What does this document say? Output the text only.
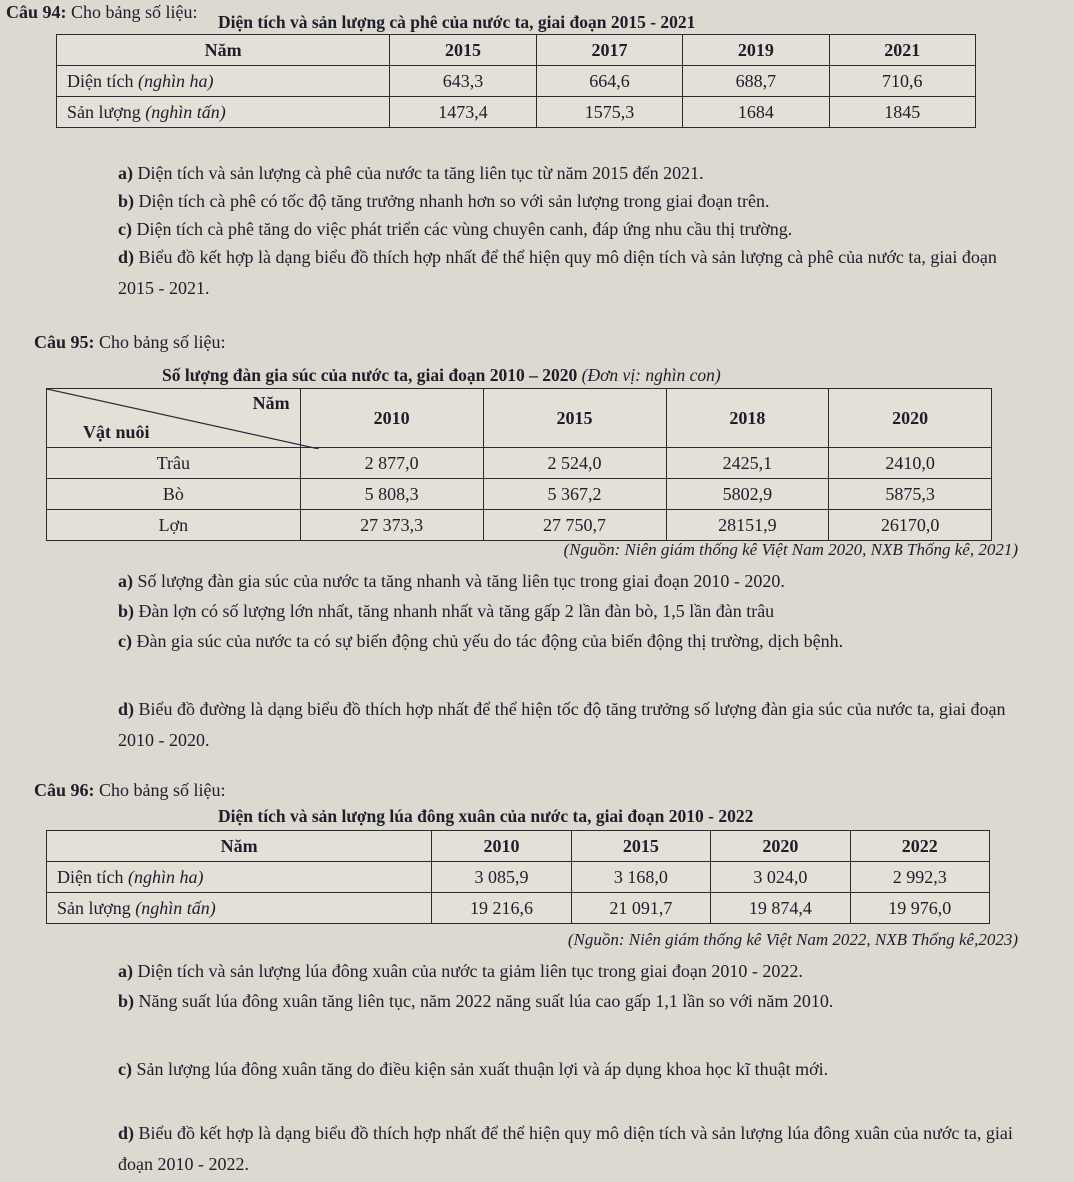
Câu 94: Cho bảng số liệu: Diện tích và sản lượng cà phê của nước ta, giai đoạn 2015 - 2021
Năm	2015	2017	2019	2021
Diện tích (nghìn ha)	643,3	664,6	688,7	710,6
Sản lượng (nghìn tấn)	1473,4	1575,3	1684	1845
a) Diện tích và sản lượng cà phê của nước ta tăng liên tục từ năm 2015 đến 2021.
b) Diện tích cà phê có tốc độ tăng trưởng nhanh hơn so với sản lượng trong giai đoạn trên.
c) Diện tích cà phê tăng do việc phát triển các vùng chuyên canh, đáp ứng nhu cầu thị trường.
d) Biểu đồ kết hợp là dạng biểu đồ thích hợp nhất để thể hiện quy mô diện tích và sản lượng cà phê của nước ta, giai đoạn 2015 - 2021.
Câu 95: Cho bảng số liệu:
Số lượng đàn gia súc của nước ta, giai đoạn 2010 – 2020 (Đơn vị: nghìn con)
Năm
Vật nuôi	2010	2015	2018	2020
Trâu	2 877,0	2 524,0	2425,1	2410,0
Bò	5 808,3	5 367,2	5802,9	5875,3
Lợn	27 373,3	27 750,7	28151,9	26170,0
(Nguồn: Niên giám thống kê Việt Nam 2020, NXB Thống kê, 2021)
a) Số lượng đàn gia súc của nước ta tăng nhanh và tăng liên tục trong giai đoạn 2010 - 2020.
b) Đàn lợn có số lượng lớn nhất, tăng nhanh nhất và tăng gấp 2 lần đàn bò, 1,5 lần đàn trâu
c) Đàn gia súc của nước ta có sự biến động chủ yếu do tác động của biến động thị trường, dịch bệnh.
d) Biểu đồ đường là dạng biểu đồ thích hợp nhất để thể hiện tốc độ tăng trưởng số lượng đàn gia súc của nước ta, giai đoạn 2010 - 2020.
Câu 96: Cho bảng số liệu:
Diện tích và sản lượng lúa đông xuân của nước ta, giai đoạn 2010 - 2022
Năm	2010	2015	2020	2022
Diện tích (nghìn ha)	3 085,9	3 168,0	3 024,0	2 992,3
Sản lượng (nghìn tấn)	19 216,6	21 091,7	19 874,4	19 976,0
(Nguồn: Niên giám thống kê Việt Nam 2022, NXB Thống kê,2023)
a) Diện tích và sản lượng lúa đông xuân của nước ta giảm liên tục trong giai đoạn 2010 - 2022.
b) Năng suất lúa đông xuân tăng liên tục, năm 2022 năng suất lúa cao gấp 1,1 lần so với năm 2010.
c) Sản lượng lúa đông xuân tăng do điều kiện sản xuất thuận lợi và áp dụng khoa học kĩ thuật mới.
d) Biểu đồ kết hợp là dạng biểu đồ thích hợp nhất để thể hiện quy mô diện tích và sản lượng lúa đông xuân của nước ta, giai đoạn 2010 - 2022.
